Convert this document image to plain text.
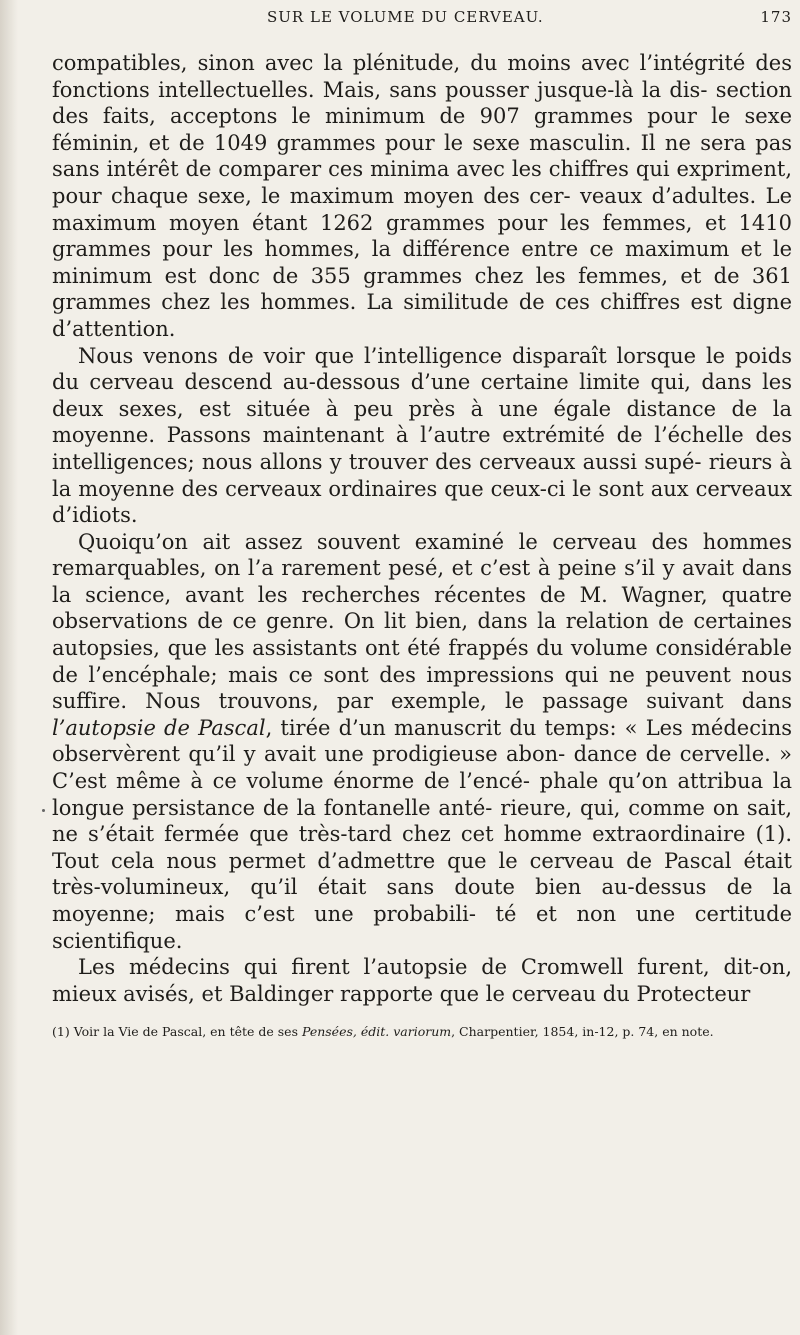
SUR LE VOLUME DU CERVEAU.	173

compatibles, sinon avec la plénitude, du moins avec l’intégrité des fonctions intellectuelles. Mais, sans pousser jusque-là la dis- section des faits, acceptons le minimum de 907 grammes pour le sexe féminin, et de 1049 grammes pour le sexe masculin. Il ne sera pas sans intérêt de comparer ces minima avec les chiffres qui expriment, pour chaque sexe, le maximum moyen des cer- veaux d’adultes. Le maximum moyen étant 1262 grammes pour les femmes, et 1410 grammes pour les hommes, la différence entre ce maximum et le minimum est donc de 355 grammes chez les femmes, et de 361 grammes chez les hommes. La similitude de ces chiffres est digne d’attention.

Nous venons de voir que l’intelligence disparaît lorsque le poids du cerveau descend au-dessous d’une certaine limite qui, dans les deux sexes, est située à peu près à une égale distance de la moyenne. Passons maintenant à l’autre extrémité de l’échelle des intelligences; nous allons y trouver des cerveaux aussi supé- rieurs à la moyenne des cerveaux ordinaires que ceux-ci le sont aux cerveaux d’idiots.

Quoiqu’on ait assez souvent examiné le cerveau des hommes remarquables, on l’a rarement pesé, et c’est à peine s’il y avait dans la science, avant les recherches récentes de M. Wagner, quatre observations de ce genre. On lit bien, dans la relation de certaines autopsies, que les assistants ont été frappés du volume considérable de l’encéphale; mais ce sont des impressions qui ne peuvent nous suffire. Nous trouvons, par exemple, le passage suivant dans l’autopsie de Pascal, tirée d’un manuscrit du temps: « Les médecins observèrent qu’il y avait une prodigieuse abon- dance de cervelle. » C’est même à ce volume énorme de l’encé- phale qu’on attribua la longue persistance de la fontanelle anté- rieure, qui, comme on sait, ne s’était fermée que très-tard chez cet homme extraordinaire (1). Tout cela nous permet d’admettre que le cerveau de Pascal était très-volumineux, qu’il était sans doute bien au-dessus de la moyenne; mais c’est une probabili- té et non une certitude scientifique.

Les médecins qui firent l’autopsie de Cromwell furent, dit-on, mieux avisés, et Baldinger rapporte que le cerveau du Protecteur

(1) Voir la Vie de Pascal, en tête de ses Pensées, édit. variorum, Charpentier, 1854, in-12, p. 74, en note.
